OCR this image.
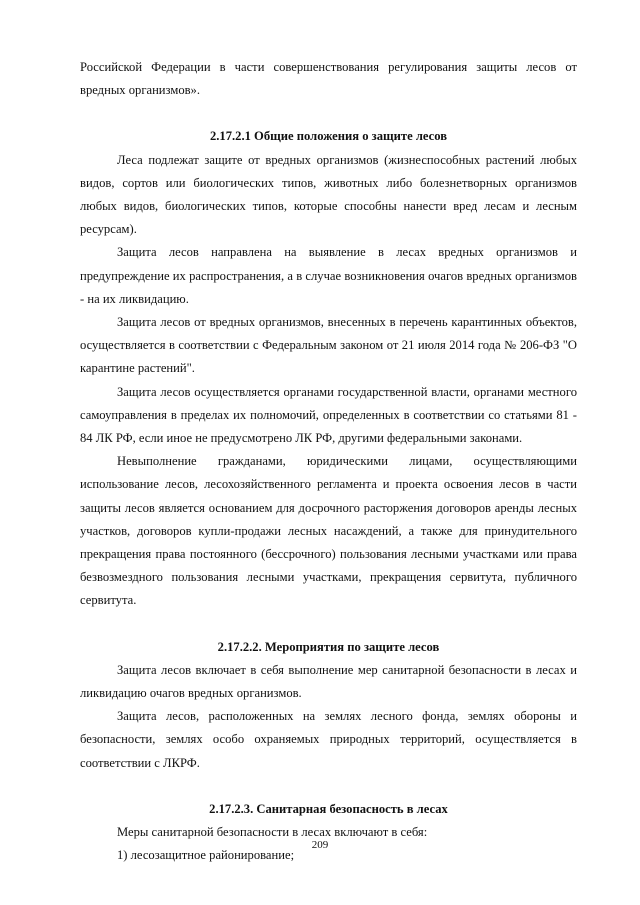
Российской Федерации в части совершенствования регулирования защиты лесов от вредных организмов».

2.17.2.1 Общие положения о защите лесов

Леса подлежат защите от вредных организмов (жизнеспособных растений любых видов, сортов или биологических типов, животных либо болезнетворных организмов любых видов, биологических типов, которые способны нанести вред лесам и лесным ресурсам).

Защита лесов направлена на выявление в лесах вредных организмов и предупреждение их распространения, а в случае возникновения очагов вредных организмов - на их ликвидацию.

Защита лесов от вредных организмов, внесенных в перечень карантинных объектов, осуществляется в соответствии с Федеральным законом от 21 июля 2014 года № 206-ФЗ "О карантине растений".

Защита лесов осуществляется органами государственной власти, органами местного самоуправления в пределах их полномочий, определенных в соответствии со статьями 81 - 84 ЛК РФ, если иное не предусмотрено ЛК РФ, другими федеральными законами.

Невыполнение гражданами, юридическими лицами, осуществляющими использование лесов, лесохозяйственного регламента и проекта освоения лесов в части защиты лесов является основанием для досрочного расторжения договоров аренды лесных участков, договоров купли-продажи лесных насаждений, а также для принудительного прекращения права постоянного (бессрочного) пользования лесными участками или права безвозмездного пользования лесными участками, прекращения сервитута, публичного сервитута.

2.17.2.2. Мероприятия по защите лесов

Защита лесов включает в себя выполнение мер санитарной безопасности в лесах и ликвидацию очагов вредных организмов.

Защита лесов, расположенных на землях лесного фонда, землях обороны и безопасности, землях особо охраняемых природных территорий, осуществляется в соответствии с ЛКРФ.

2.17.2.3. Санитарная безопасность в лесах

Меры санитарной безопасности в лесах включают в себя:

1) лесозащитное районирование;

209
